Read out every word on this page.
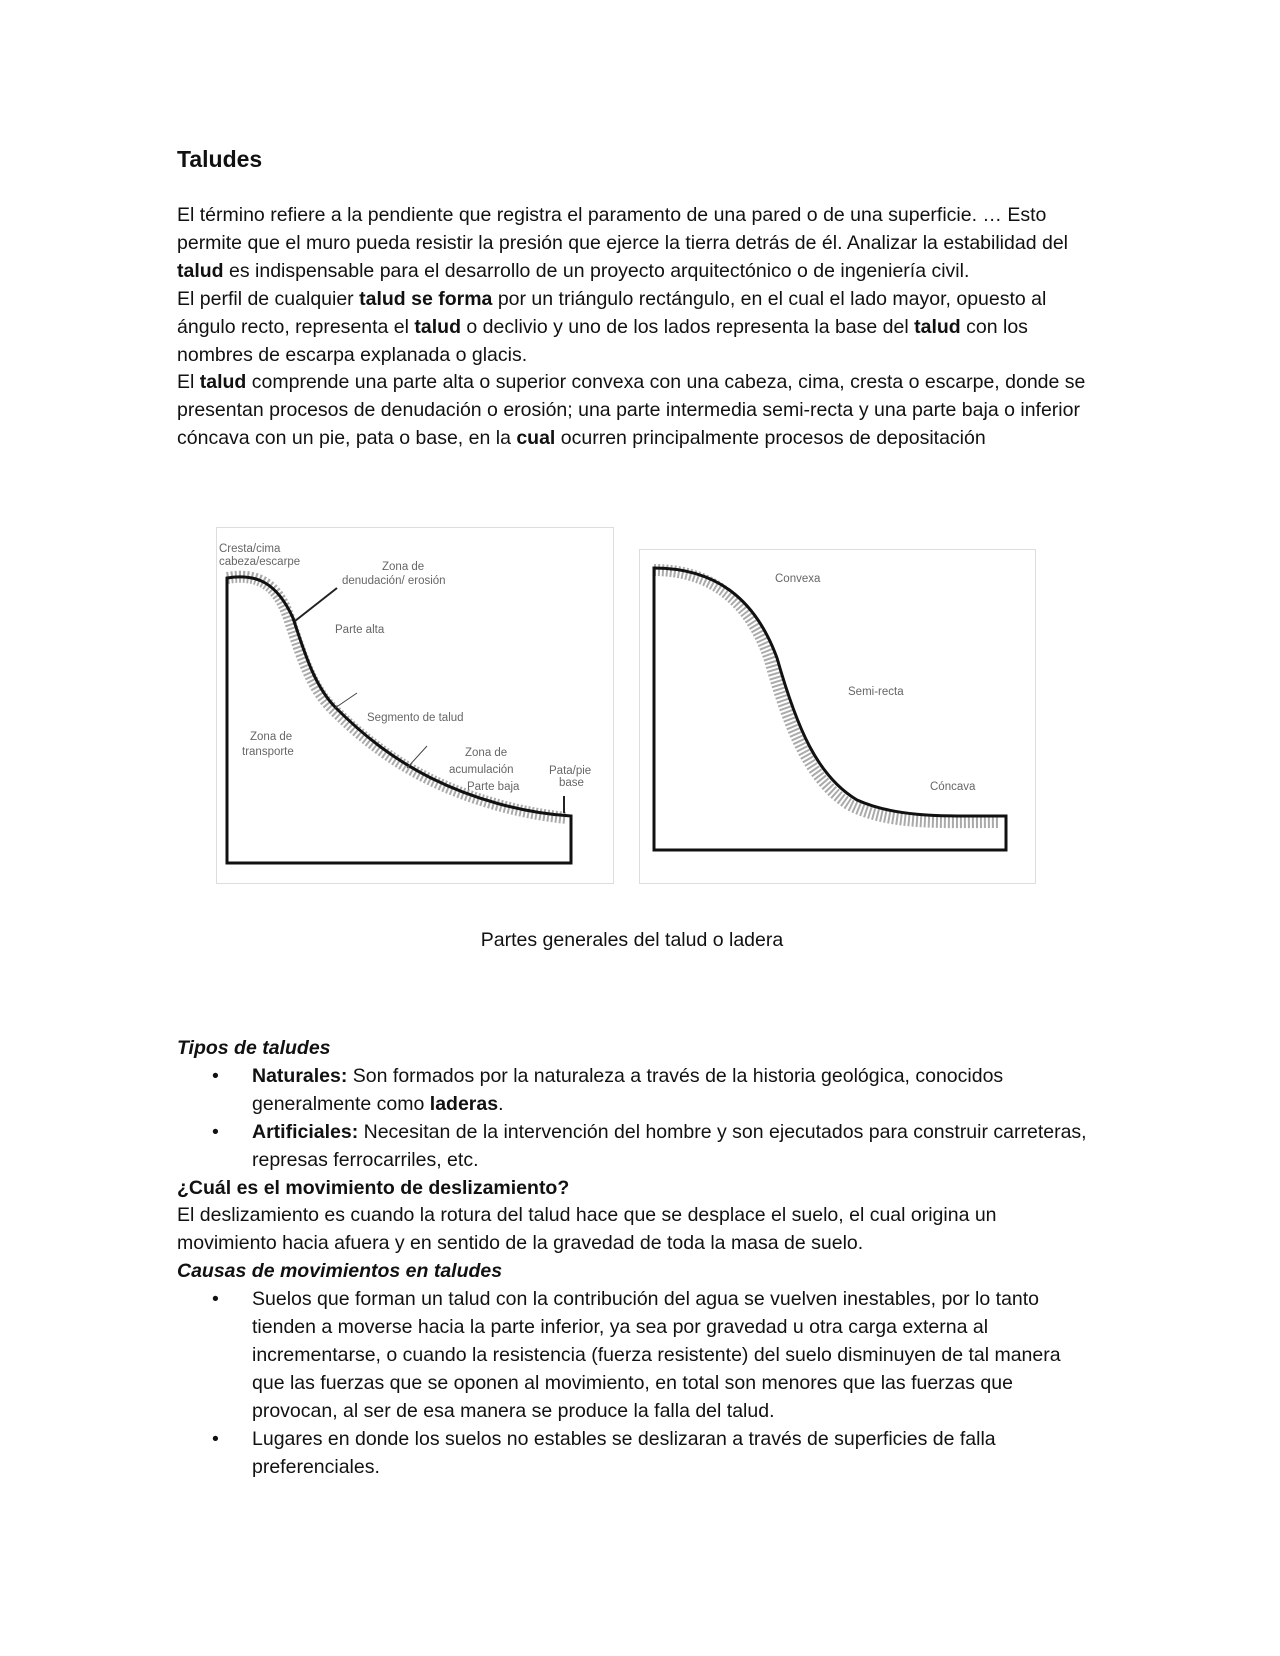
Taludes

El término refiere a la pendiente que registra el paramento de una pared o de una superficie. … Esto permite que el muro pueda resistir la presión que ejerce la tierra detrás de él. Analizar la estabilidad del talud es indispensable para el desarrollo de un proyecto arquitectónico o de ingeniería civil.

El perfil de cualquier talud se forma por un triángulo rectángulo, en el cual el lado mayor, opuesto al ángulo recto, representa el talud o declivio y uno de los lados representa la base del talud con los nombres de escarpa explanada o glacis.

El talud comprende una parte alta o superior convexa con una cabeza, cima, cresta o escarpe, donde se presentan procesos de denudación o erosión; una parte intermedia semi-recta y una parte baja o inferior cóncava con un pie, pata o base, en la cual ocurren principalmente procesos de depositación

Cresta/cima
cabeza/escarpe	Zona de
denudación/ erosión
Parte alta
Segmento de talud
Zona de
transporte	Zona de
acumulación
Parte baja
Pata/pie
base
Convexa
Semi-recta
Cóncava
Partes generales del talud o ladera

Tipos de taludes

• Naturales: Son formados por la naturaleza a través de la historia geológica, conocidos generalmente como laderas.
• Artificiales: Necesitan de la intervención del hombre y son ejecutados para construir carreteras, represas ferrocarriles, etc.

¿Cuál es el movimiento de deslizamiento?

El deslizamiento es cuando la rotura del talud hace que se desplace el suelo, el cual origina un movimiento hacia afuera y en sentido de la gravedad de toda la masa de suelo.

Causas de movimientos en taludes

• Suelos que forman un talud con la contribución del agua se vuelven inestables, por lo tanto tienden a moverse hacia la parte inferior, ya sea por gravedad u otra carga externa al incrementarse, o cuando la resistencia (fuerza resistente) del suelo disminuyen de tal manera que las fuerzas que se oponen al movimiento, en total son menores que las fuerzas que provocan, al ser de esa manera se produce la falla del talud.
• Lugares en donde los suelos no estables se deslizaran a través de superficies de falla preferenciales.
